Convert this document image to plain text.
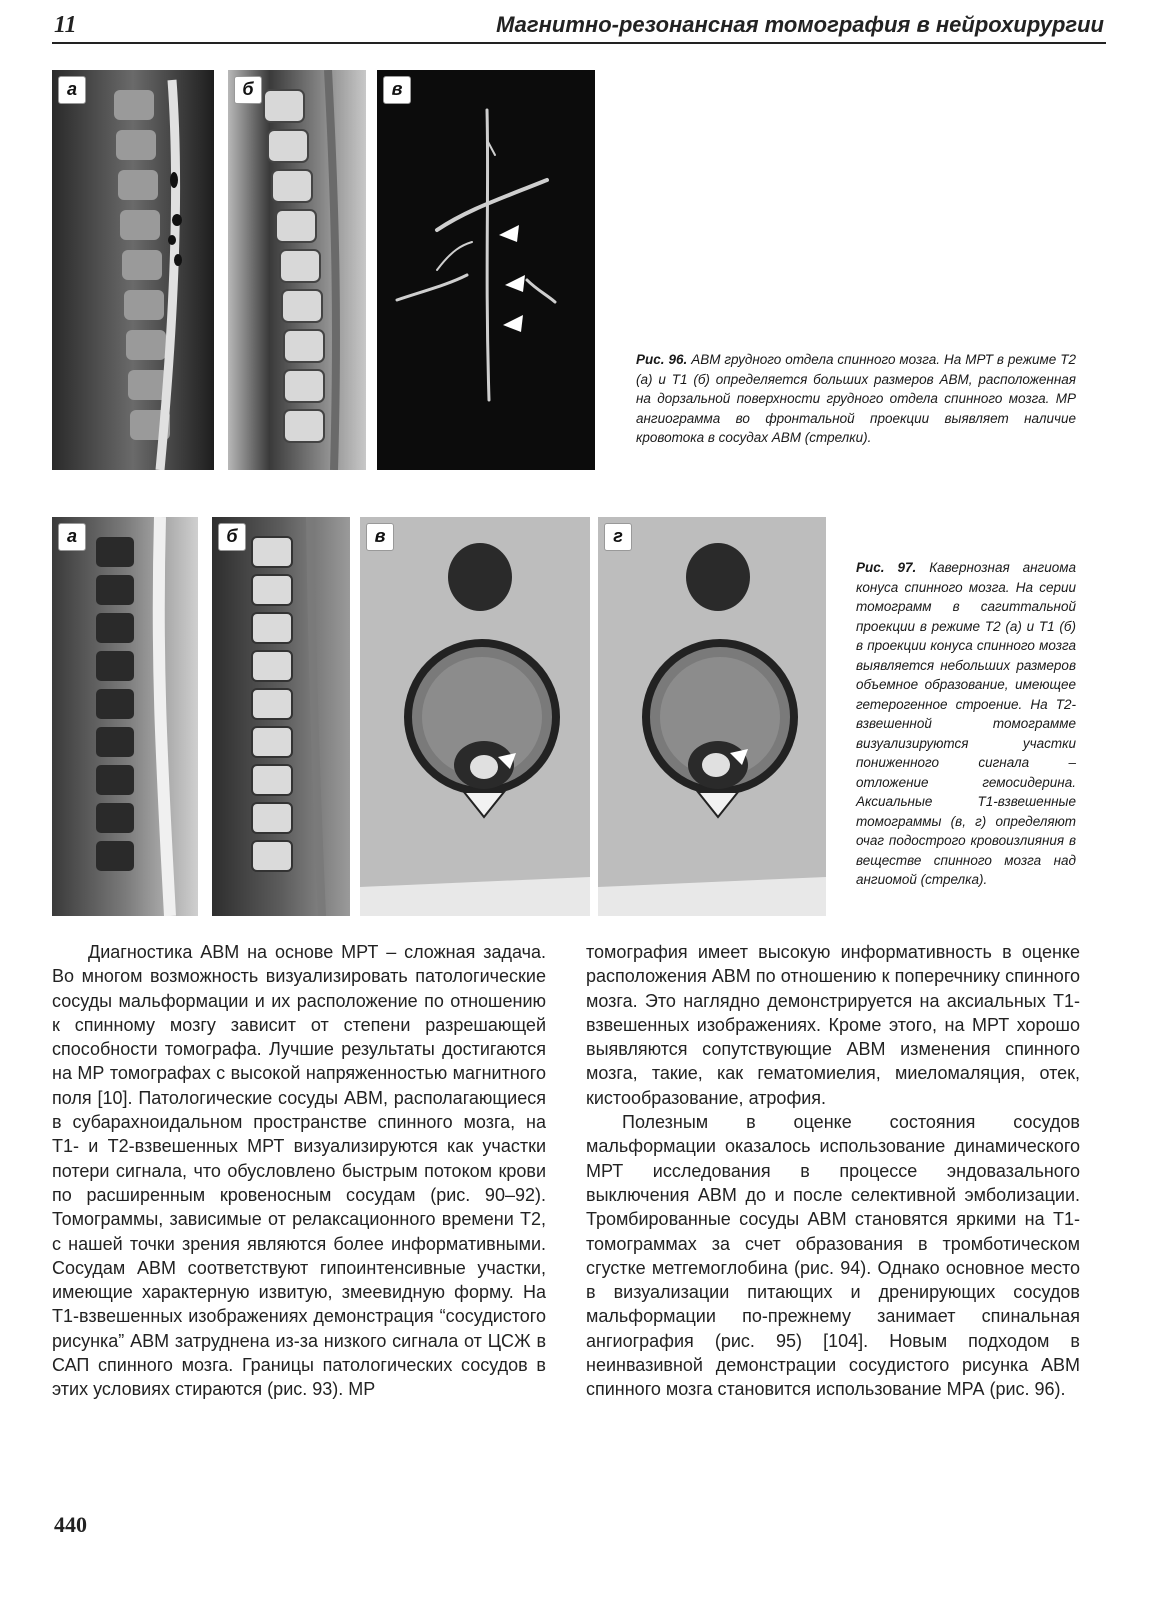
11	Магнитно-резонансная томография в нейрохирургии
а	б	в
Рис. 96. АВМ грудного отдела спинного мозга. На МРТ в режиме Т2 (а) и Т1 (б) определяется больших размеров АВМ, расположенная на дорзальной поверхности грудного отдела спинного мозга. МР ангиограмма во фронтальной проекции выявляет наличие кровотока в сосудах АВМ (стрелки).
а	б	в	г
Рис. 97. Кавернозная ангиома конуса спинного мозга. На серии томограмм в сагиттальной проекции в режиме Т2 (а) и Т1 (б) в проекции конуса спинного мозга выявляется небольших размеров объемное образование, имеющее гетерогенное строение. На Т2-взвешенной томограмме визуализируются участки пониженного сигнала – отложение гемосидерина. Аксиальные Т1-взвешенные томограммы (в, г) определяют очаг подострого кровоизлияния в веществе спинного мозга над ангиомой (стрелка).

Диагностика АВМ на основе МРТ – сложная задача. Во многом возможность визуализировать патологические сосуды мальформации и их расположение по отношению к спинному мозгу зависит от степени разрешающей способности томографа. Лучшие результаты достигаются на МР томографах с высокой напряженностью магнитного поля [10]. Патологические сосуды АВМ, располагающиеся в субарахноидальном пространстве спинного мозга, на Т1- и Т2-взвешенных МРТ визуализируются как участки потери сигнала, что обусловлено быстрым потоком крови по расширенным кровеносным сосудам (рис. 90–92). Томограммы, зависимые от релаксационного времени Т2, с нашей точки зрения являются более информативными. Сосудам АВМ соответствуют гипоинтенсивные участки, имеющие характерную извитую, змеевидную форму. На Т1-взвешенных изображениях демонстрация “сосудистого рисунка” АВМ затруднена из-за низкого сигнала от ЦСЖ в САП спинного мозга. Границы патологических сосудов в этих условиях стираются (рис. 93). МР

томография имеет высокую информативность в оценке расположения АВМ по отношению к поперечнику спинного мозга. Это наглядно демонстрируется на аксиальных Т1-взвешенных изображениях. Кроме этого, на МРТ хорошо выявляются сопутствующие АВМ изменения спинного мозга, такие, как гематомиелия, миеломаляция, отек, кистообразование, атрофия.

Полезным в оценке состояния сосудов мальформации оказалось использование динамического МРТ исследования в процессе эндовазального выключения АВМ до и после селективной эмболизации. Тромбированные сосуды АВМ становятся яркими на Т1-томограммах за счет образования в тромботическом сгустке метгемоглобина (рис. 94). Однако основное место в визуализации питающих и дренирующих сосудов мальформации по-прежнему занимает спинальная ангиография (рис. 95) [104]. Новым подходом в неинвазивной демонстрации сосудистого рисунка АВМ спинного мозга становится использование МРА (рис. 96).

440
